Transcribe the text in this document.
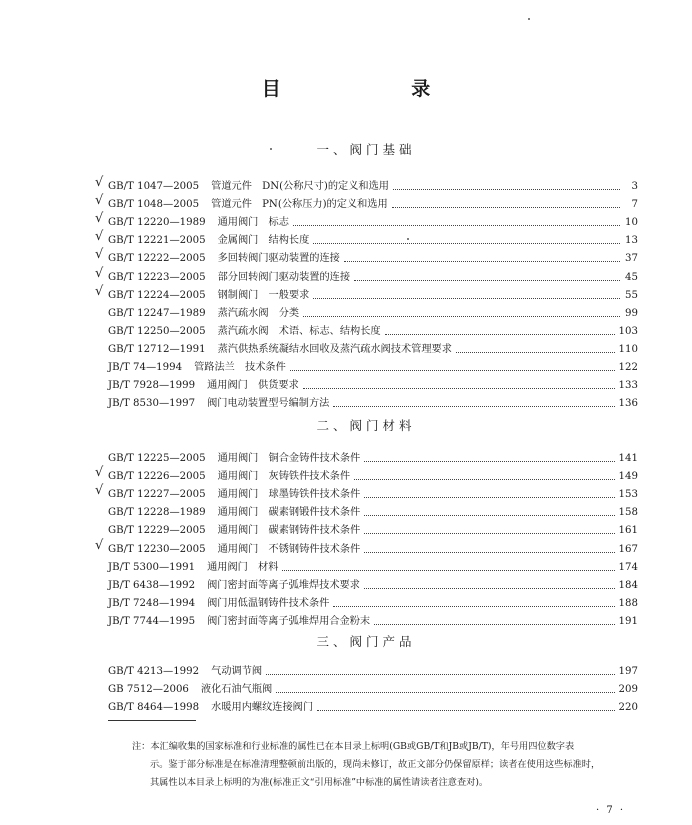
目 录
一、阀门基础
√ GB/T 1047—2005 管道元件　DN(公称尺寸)的定义和选用	3
√ GB/T 1048—2005 管道元件　PN(公称压力)的定义和选用	7
√ GB/T 12220—1989 通用阀门　标志	10
√ GB/T 12221—2005 金属阀门　结构长度	13
√ GB/T 12222—2005 多回转阀门驱动装置的连接	37
√ GB/T 12223—2005 部分回转阀门驱动装置的连接	45
√ GB/T 12224—2005 钢制阀门　一般要求	55
GB/T 12247—1989 蒸汽疏水阀　分类	99
GB/T 12250—2005 蒸汽疏水阀　术语、标志、结构长度	103
GB/T 12712—1991 蒸汽供热系统凝结水回收及蒸汽疏水阀技术管理要求	110
JB/T 74—1994 管路法兰　技术条件	122
JB/T 7928—1999 通用阀门　供货要求	133
JB/T 8530—1997 阀门电动装置型号编制方法	136
二、阀门材料
GB/T 12225—2005 通用阀门　铜合金铸件技术条件	141
√ GB/T 12226—2005 通用阀门　灰铸铁件技术条件	149
√ GB/T 12227—2005 通用阀门　球墨铸铁件技术条件	153
GB/T 12228—1989 通用阀门　碳素钢锻件技术条件	158
GB/T 12229—2005 通用阀门　碳素钢铸件技术条件	161
√ GB/T 12230—2005 通用阀门　不锈钢铸件技术条件	167
JB/T 5300—1991 通用阀门　材料	174
JB/T 6438—1992 阀门密封面等离子弧堆焊技术要求	184
JB/T 7248—1994 阀门用低温钢铸件技术条件	188
JB/T 7744—1995 阀门密封面等离子弧堆焊用合金粉末	191
三、阀门产品
GB/T 4213—1992 气动调节阀	197
GB 7512—2006 液化石油气瓶阀	209
GB/T 8464—1998 水暖用内螺纹连接阀门	220

注：本汇编收集的国家标准和行业标准的属性已在本目录上标明(GB或GB/T和JB或JB/T)，年号用四位数字表

示。鉴于部分标准是在标准清理整顿前出版的，现尚未修订，故正文部分仍保留原样；读者在使用这些标准时，

其属性以本目录上标明的为准(标准正文“引用标准”中标准的属性请读者注意查对)。

· 7 ·
